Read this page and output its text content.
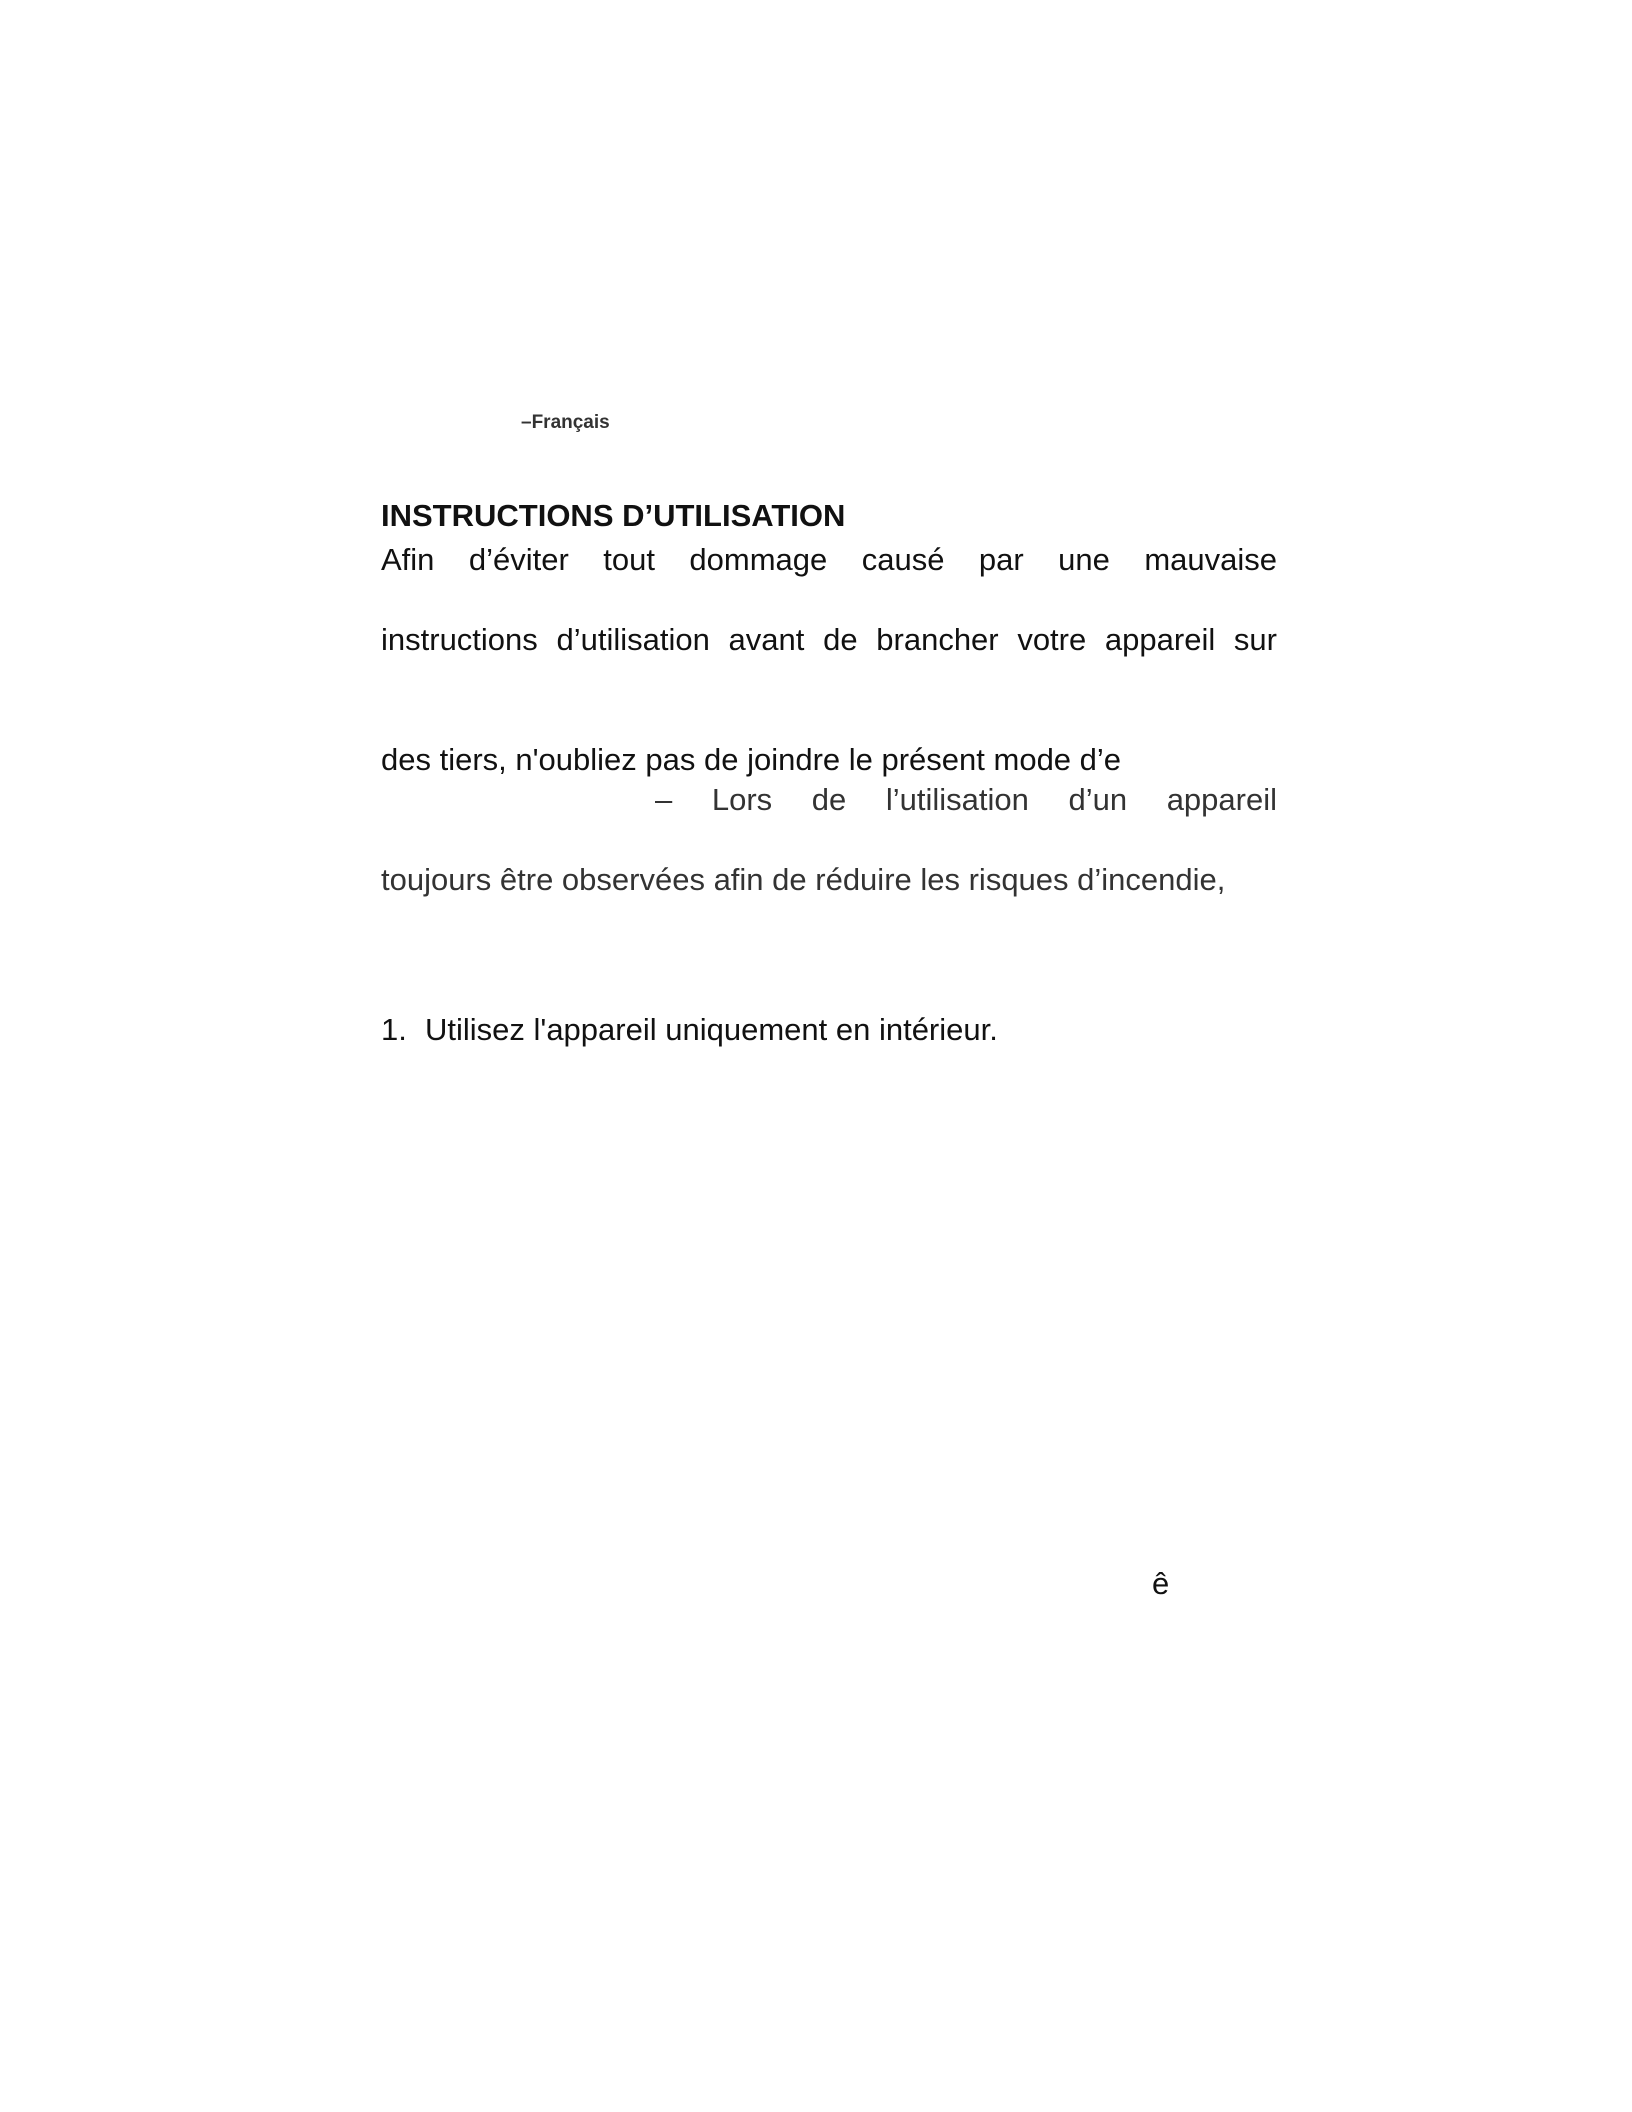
–Français
INSTRUCTIONS D’UTILISATION
Afin d’éviter tout dommage causé par une mauvaise
instructions d’utilisation avant de brancher votre appareil sur
des tiers, n'oubliez pas de joindre le présent mode d’e
– Lors de l’utilisation d’un appareil
toujours être observées afin de réduire les risques d’incendie,
1. Utilisez l'appareil uniquement en intérieur.
ê
